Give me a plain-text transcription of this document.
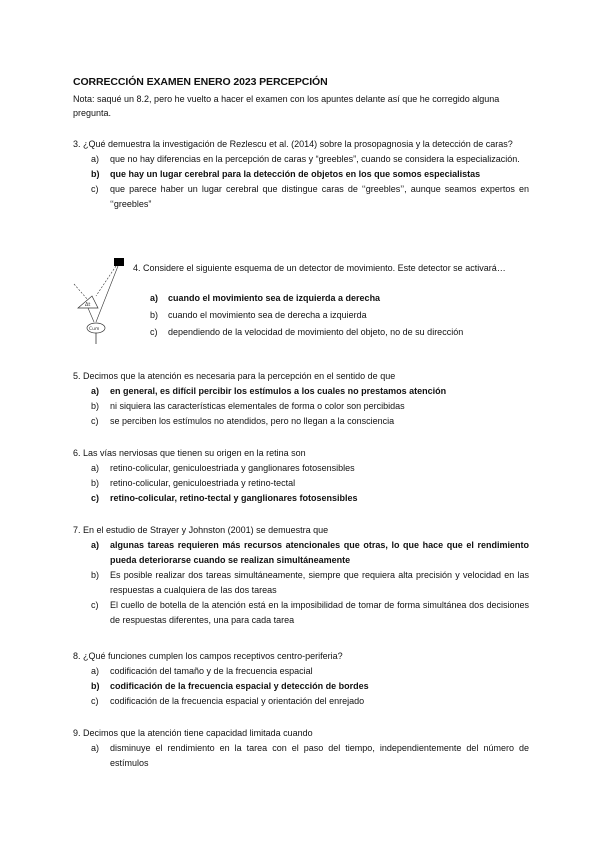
CORRECCIÓN EXAMEN ENERO 2023 PERCEPCIÓN
Nota: saqué un 8.2, pero he vuelto a hacer el examen con los apuntes delante así que he corregido alguna pregunta.
3. ¿Qué demuestra la investigación de Rezlescu et al. (2014) sobre la prosopagnosia y la detección de caras?
a) que no hay diferencias en la percepción de caras y “greebles”, cuando se considera la especialización.
b) que hay un lugar cerebral para la detección de objetos en los que somos especialistas
c) que parece haber un lugar cerebral que distingue caras de ‘‘greebles’’, aunque seamos expertos en ‘‘greebles”
Δt
Cum
4. Considere el siguiente esquema de un detector de movimiento. Este detector se activará…
a) cuando el movimiento sea de izquierda a derecha
b) cuando el movimiento sea de derecha a izquierda
c) dependiendo de la velocidad de movimiento del objeto, no de su dirección
5. Decimos que la atención es necesaria para la percepción en el sentido de que
a) en general, es difícil percibir los estímulos a los cuales no prestamos atención
b) ni siquiera las características elementales de forma o color son percibidas
c) se perciben los estímulos no atendidos, pero no llegan a la consciencia
6. Las vías nerviosas que tienen su origen en la retina son
a) retino-colicular, geniculoestriada y ganglionares fotosensibles
b) retino-colicular, geniculoestriada y retino-tectal
c) retino-colicular, retino-tectal y ganglionares fotosensibles
7. En el estudio de Strayer y Johnston (2001) se demuestra que
a) algunas tareas requieren más recursos atencionales que otras, lo que hace que el rendimiento pueda deteriorarse cuando se realizan simultáneamente
b) Es posible realizar dos tareas simultáneamente, siempre que requiera alta precisión y velocidad en las respuestas a cualquiera de las dos tareas
c) El cuello de botella de la atención está en la imposibilidad de tomar de forma simultánea dos decisiones de respuestas diferentes, una para cada tarea
8. ¿Qué funciones cumplen los campos receptivos centro-periferia?
a) codificación del tamaño y de la frecuencia espacial
b) codificación de la frecuencia espacial y detección de bordes
c) codificación de la frecuencia espacial y orientación del enrejado
9. Decimos que la atención tiene capacidad limitada cuando
a) disminuye el rendimiento en la tarea con el paso del tiempo, independientemente del número de estímulos
